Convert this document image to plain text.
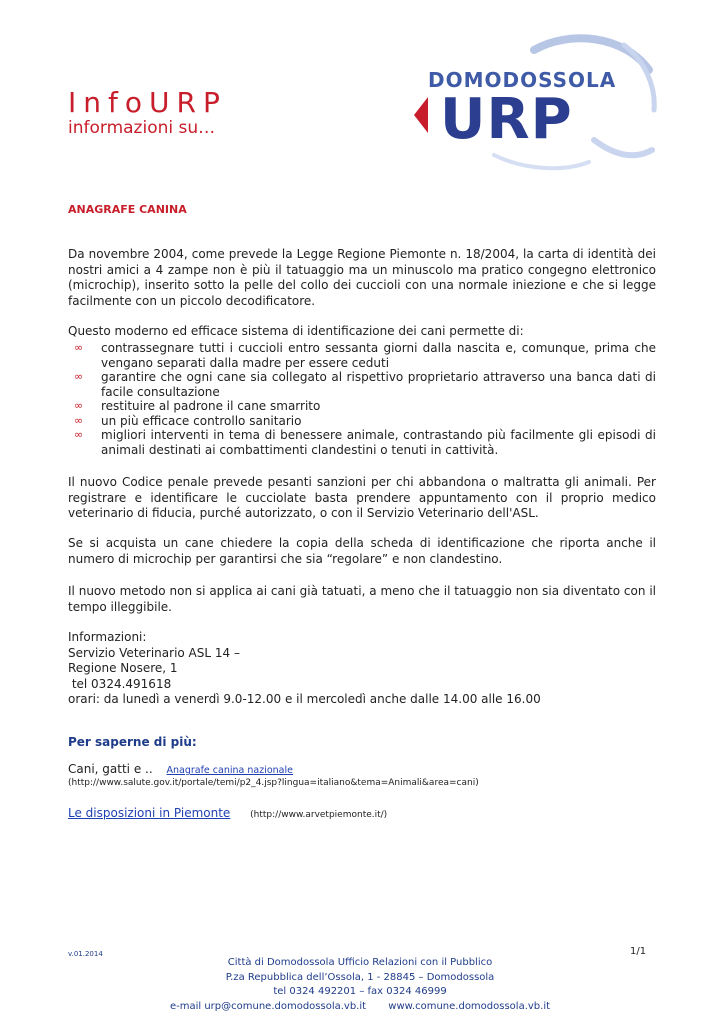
InfoURP
informazioni su…
DOMODOSSOLA
URP
ANAGRAFE CANINA

Da novembre 2004, come prevede la Legge Regione Piemonte n. 18/2004, la carta di identità dei nostri amici a 4 zampe non è più il tatuaggio ma un minuscolo ma pratico congegno elettronico (microchip), inserito sotto la pelle del collo dei cuccioli con una normale iniezione e che si legge facilmente con un piccolo decodificatore.

Questo moderno ed efficace sistema di identificazione dei cani permette di:

∞ contrassegnare tutti i cuccioli entro sessanta giorni dalla nascita e, comunque, prima che vengano separati dalla madre per essere ceduti
∞ garantire che ogni cane sia collegato al rispettivo proprietario attraverso una banca dati di facile consultazione
∞ restituire al padrone il cane smarrito
∞ un più efficace controllo sanitario
∞ migliori interventi in tema di benessere animale, contrastando più facilmente gli episodi di animali destinati ai combattimenti clandestini o tenuti in cattività.

Il nuovo Codice penale prevede pesanti sanzioni per chi abbandona o maltratta gli animali. Per registrare e identificare le cucciolate basta prendere appuntamento con il proprio medico veterinario di fiducia, purché autorizzato, o con il Servizio Veterinario dell'ASL.

Se si acquista un cane chiedere la copia della scheda di identificazione che riporta anche il numero di microchip per garantirsi che sia “regolare” e non clandestino.

Il nuovo metodo non si applica ai cani già tatuati, a meno che il tatuaggio non sia diventato con il tempo illeggibile.

Informazioni:
Servizio Veterinario ASL 14 –
Regione Nosere, 1
tel 0324.491618
orari: da lunedì a venerdì 9.0-12.00 e il mercoledì anche dalle 14.00 alle 16.00
Per saperne di più:
Cani, gatti e .. Anagrafe canina nazionale
(http://www.salute.gov.it/portale/temi/p2_4.jsp?lingua=italiano&tema=Animali&area=cani)
Le disposizioni in Piemonte (http://www.arvetpiemonte.it/)
v.01.2014	1/1
Città di Domodossola Ufficio Relazioni con il Pubblico
P.za Repubblica dell’Ossola, 1 - 28845 – Domodossola
tel 0324 492201 – fax 0324 46999
e-mail urp@comune.domodossola.vb.it       www.comune.domodossola.vb.it
